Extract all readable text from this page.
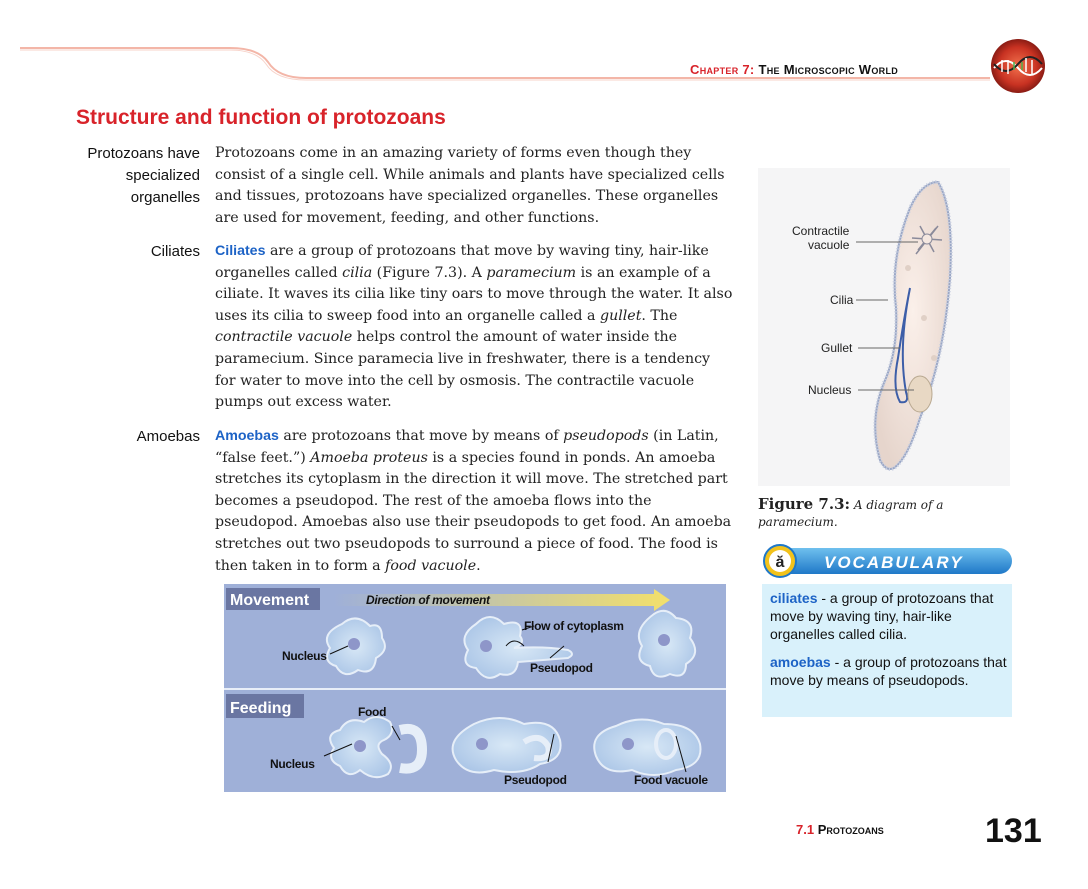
Chapter 7: The Microscopic World
Structure and function of protozoans
Protozoans have specialized organelles
Ciliates
Amoebas
Protozoans come in an amazing variety of forms even though they consist of a single cell. While animals and plants have specialized cells and tissues, protozoans have specialized organelles. These organelles are used for movement, feeding, and other functions.
Ciliates are a group of protozoans that move by waving tiny, hair-like organelles called cilia (Figure 7.3). A paramecium is an example of a ciliate. It waves its cilia like tiny oars to move through the water. It also uses its cilia to sweep food into an organelle called a gullet. The contractile vacuole helps control the amount of water inside the paramecium. Since paramecia live in freshwater, there is a tendency for water to move into the cell by osmosis. The contractile vacuole pumps out excess water.
Amoebas are protozoans that move by means of pseudopods (in Latin, “false feet.”) Amoeba proteus is a species found in ponds. An amoeba stretches its cytoplasm in the direction it will move. The stretched part becomes a pseudopod. The rest of the amoeba flows into the pseudopod. Amoebas also use their pseudopods to get food. An amoeba stretches out two pseudopods to surround a piece of food. The food is then taken in to form a food vacuole.
Movement	Direction of movement
Nucleus
Flow of cytoplasm
Pseudopod
Feeding	Food
Nucleus
Pseudopod	Food vacuole
Contractile
vacuole
Cilia
Gullet
Nucleus
Figure 7.3: A diagram of a paramecium.
ă VOCABULARY
ciliates - a group of protozoans that move by waving tiny, hair-like organelles called cilia.
amoebas - a group of protozoans that move by means of pseudopods.
7.1 Protozoans	131
